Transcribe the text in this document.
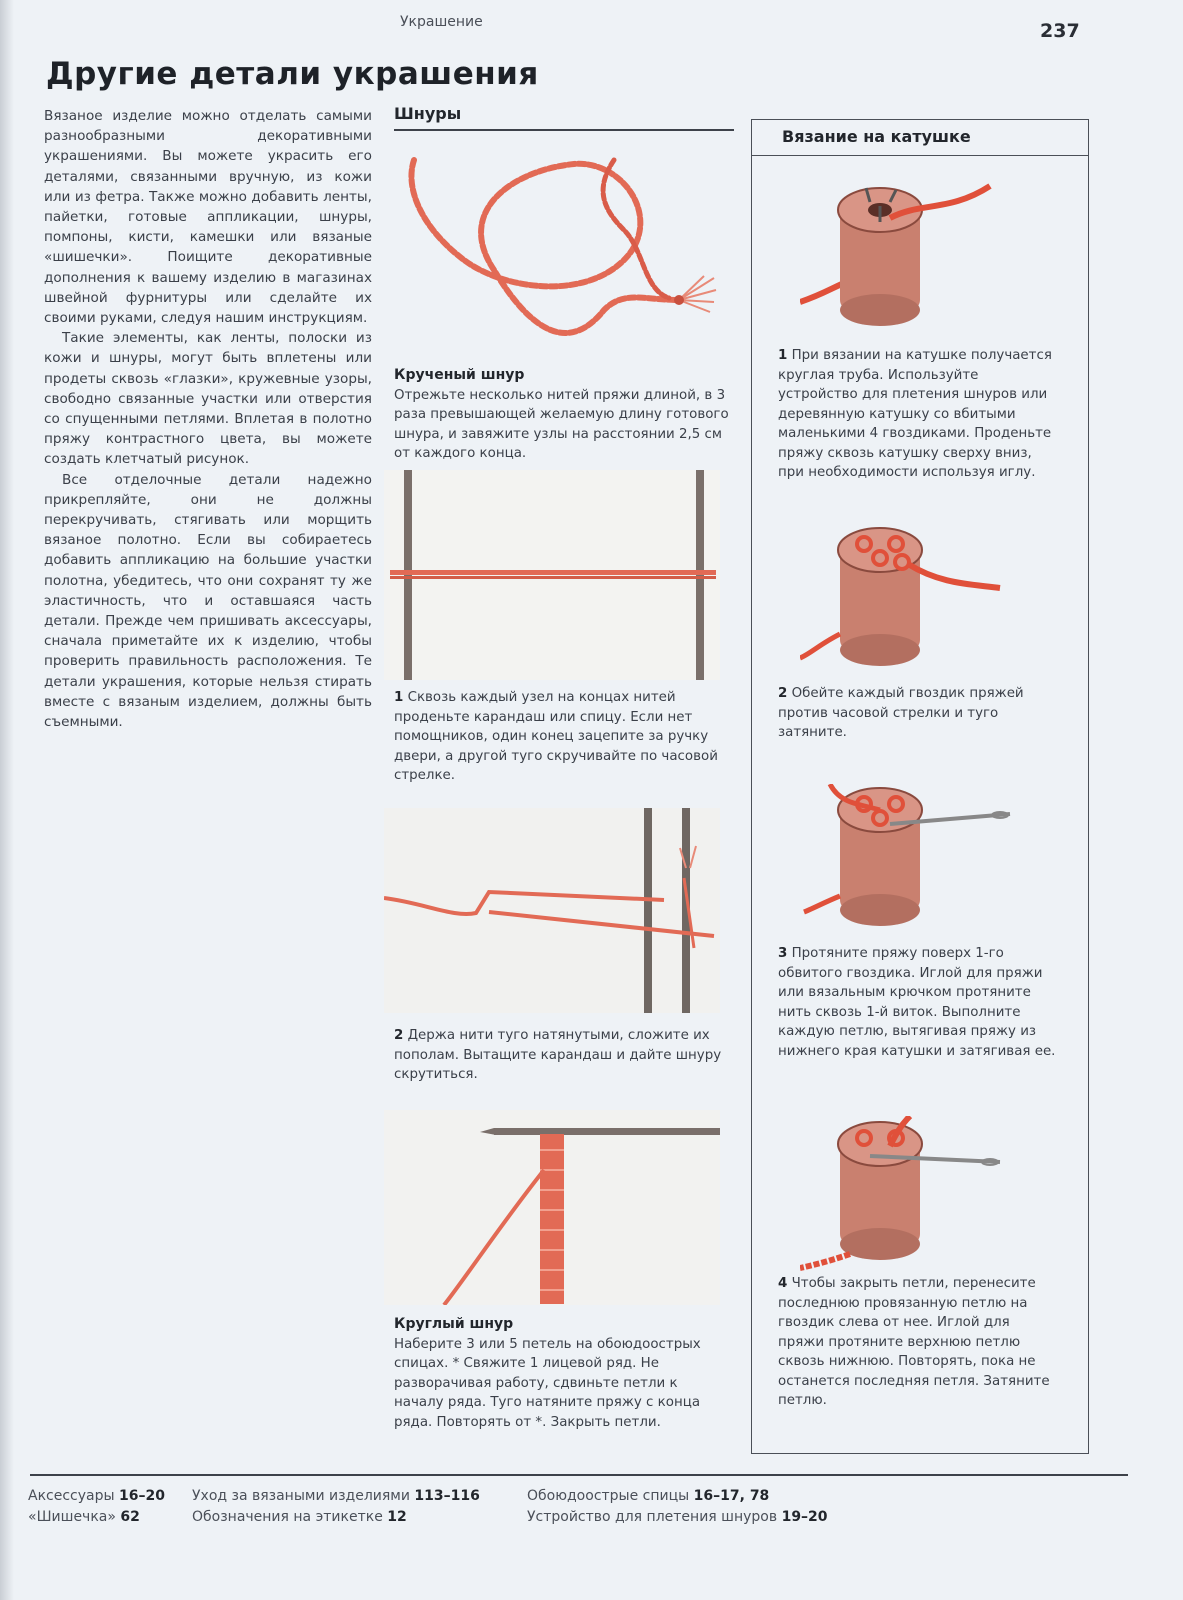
Украшение	237
Другие детали украшения

Вязаное изделие можно отделать самыми разнообразными декоративными украшениями. Вы можете украсить его деталями, связанными вручную, из кожи или из фетра. Также можно добавить ленты, пайетки, готовые аппликации, шнуры, помпоны, кисти, камешки или вязаные «шишечки». Поищите декоративные дополнения к вашему изделию в магазинах швейной фурнитуры или сделайте их своими руками, следуя нашим инструкциям.

Такие элементы, как ленты, полоски из кожи и шнуры, могут быть вплетены или продеты сквозь «глазки», кружевные узоры, свободно связанные участки или отверстия со спущенными петлями. Вплетая в полотно пряжу контрастного цвета, вы можете создать клетчатый рисунок.

Все отделочные детали надежно прикрепляйте, они не должны перекручивать, стягивать или морщить вязаное полотно. Если вы собираетесь добавить аппликацию на большие участки полотна, убедитесь, что они сохранят ту же эластичность, что и оставшаяся часть детали. Прежде чем пришивать аксессуары, сначала приметайте их к изделию, чтобы проверить правильность расположения. Те детали украшения, которые нельзя стирать вместе с вязаным изделием, должны быть съемными.

Шнуры
Крученый шнур
Отрежьте несколько нитей пряжи длиной, в 3 раза превышающей желаемую длину готового шнура, и завяжите узлы на расстоянии 2,5 см от каждого конца.
1 Сквозь каждый узел на концах нитей проденьте карандаш или спицу. Если нет помощников, один конец зацепите за ручку двери, а другой туго скручивайте по часовой стрелке.
2 Держа нити туго натянутыми, сложите их пополам. Вытащите карандаш и дайте шнуру скрутиться.
Круглый шнур
Наберите 3 или 5 петель на обоюдоострых спицах. * Свяжите 1 лицевой ряд. Не разворачивая работу, сдвиньте петли к началу ряда. Туго натяните пряжу с конца ряда. Повторять от *. Закрыть петли.
Вязание на катушке
1 При вязании на катушке получается круглая труба. Используйте устройство для плетения шнуров или деревянную катушку со вбитыми маленькими 4 гвоздиками. Проденьте пряжу сквозь катушку сверху вниз, при необходимости используя иглу.
2 Обейте каждый гвоздик пряжей против часовой стрелки и туго затяните.
3 Протяните пряжу поверх 1-го обвитого гвоздика. Иглой для пряжи или вязальным крючком протяните нить сквозь 1-й виток. Выполните каждую петлю, вытягивая пряжу из нижнего края катушки и затягивая ее.
4 Чтобы закрыть петли, перенесите последнюю провязанную петлю на гвоздик слева от нее. Иглой для пряжи протяните верхнюю петлю сквозь нижнюю. Повторять, пока не останется последняя петля. Затяните петлю.
Аксессуары 16–20
«Шишечка» 62
Уход за вязаными изделиями 113–116
Обозначения на этикетке 12
Обоюдоострые спицы 16–17, 78
Устройство для плетения шнуров 19–20
